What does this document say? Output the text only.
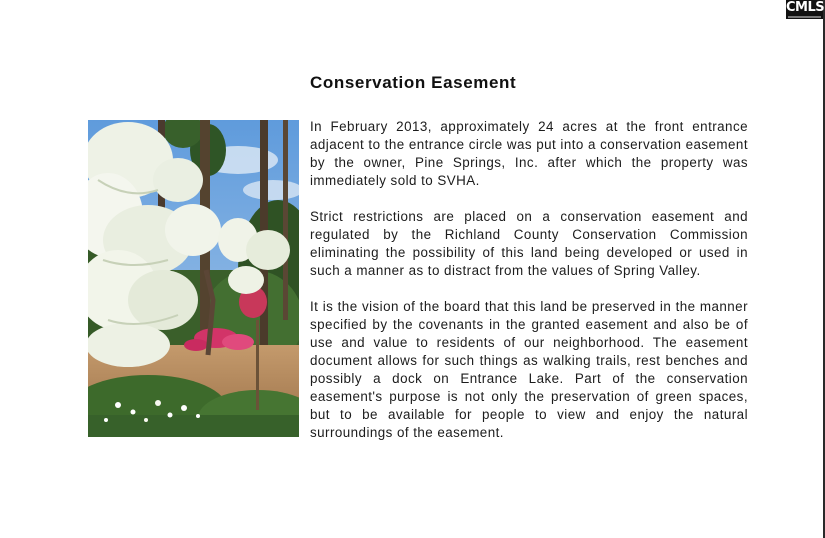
CMLS
Conservation Easement

In February 2013, approximately 24 acres at the front entrance adjacent to the entrance circle was put into a conservation easement by the owner, Pine Springs, Inc. after which the property was immediately sold to SVHA.

Strict restrictions are placed on a conservation easement and regulated by the Richland County Conservation Commission eliminating the possibility of this land being developed or used in such a manner as to distract from the values of Spring Valley.

It is the vision of the board that this land be preserved in the manner specified by the covenants in the granted easement and also be of use and value to residents of our neighborhood. The easement document allows for such things as walking trails, rest benches and possibly a dock on Entrance Lake. Part of the conservation easement's purpose is not only the preservation of green spaces, but to be available for people to view and enjoy the natural surroundings of the easement.
